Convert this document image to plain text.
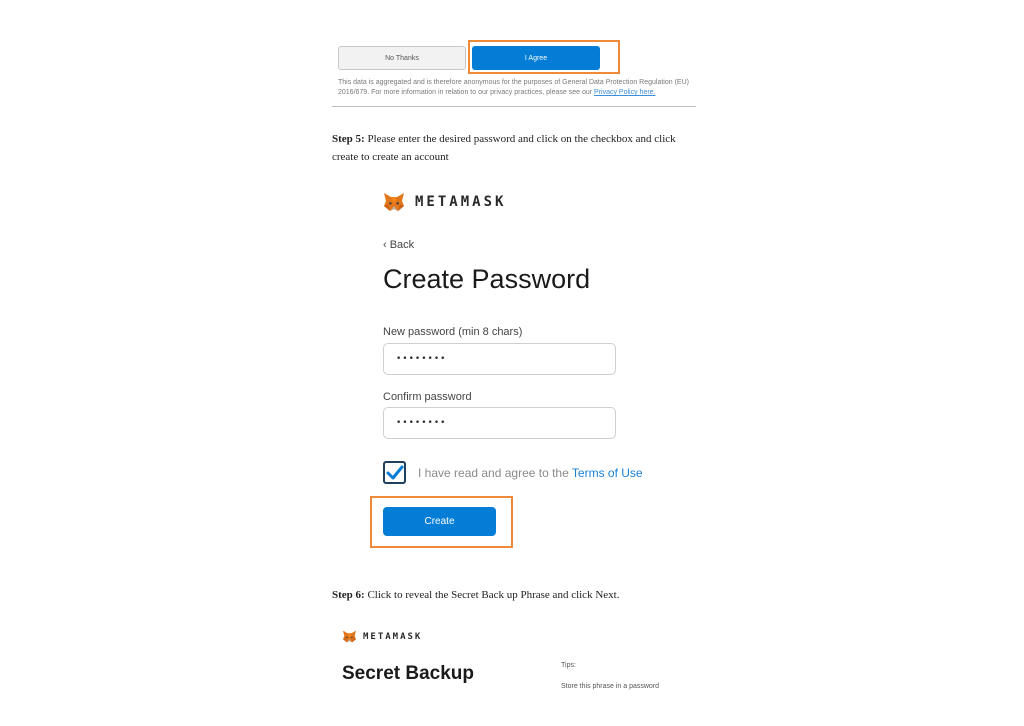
No Thanks	I Agree

This data is aggregated and is therefore anonymous for the purposes of General Data Protection Regulation (EU) 2016/679. For more information in relation to our privacy practices, please see our Privacy Policy here.

Step 5: Please enter the desired password and click on the checkbox and click create to create an account

METAMASK
‹ Back
Create Password
New password (min 8 chars)
••••••••
Confirm password
••••••••
I have read and agree to the Terms of Use
Create

Step 6: Click to reveal the Secret Back up Phrase and click Next.

METAMASK
Secret Backup	Tips:
Store this phrase in a password
